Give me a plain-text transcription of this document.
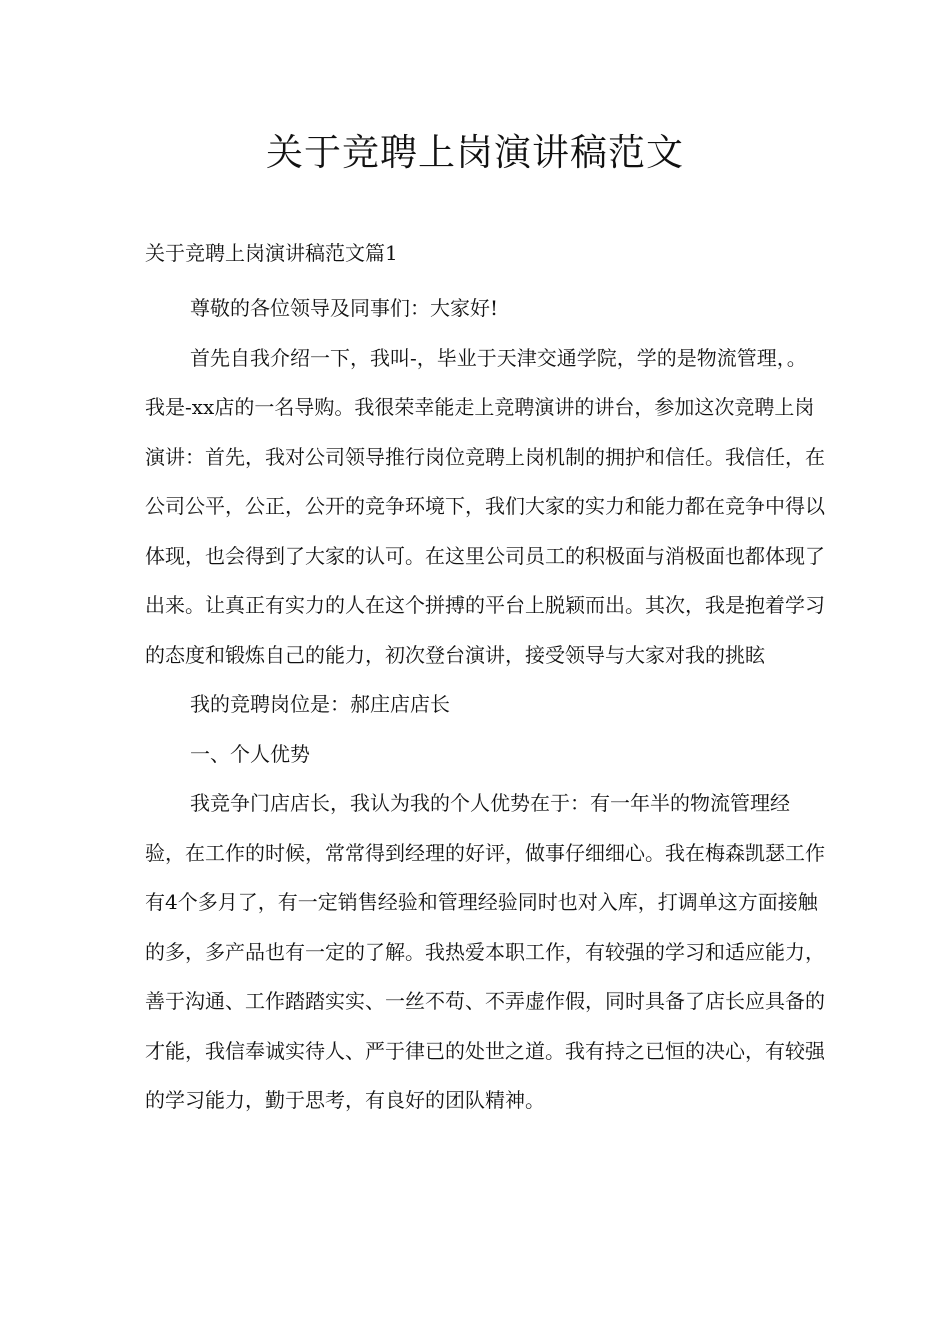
关于竞聘上岗演讲稿范文

关于竞聘上岗演讲稿范文篇1

尊敬的各位领导及同事们：大家好!

首先自我介绍一下，我叫-，毕业于天津交通学院，学的是物流管理，。我是-xx店的一名导购。我很荣幸能走上竞聘演讲的讲台，参加这次竞聘上岗演讲：首先，我对公司领导推行岗位竞聘上岗机制的拥护和信任。我信任，在公司公平，公正，公开的竞争环境下，我们大家的实力和能力都在竞争中得以体现，也会得到了大家的认可。在这里公司员工的积极面与消极面也都体现了出来。让真正有实力的人在这个拼搏的平台上脱颖而出。其次，我是抱着学习的态度和锻炼自己的能力，初次登台演讲，接受领导与大家对我的挑眩

我的竞聘岗位是：郝庄店店长

一、个人优势

我竞争门店店长，我认为我的个人优势在于：有一年半的物流管理经验，在工作的时候，常常得到经理的好评，做事仔细细心。我在梅森凯瑟工作有4个多月了，有一定销售经验和管理经验同时也对入库，打调单这方面接触的多，多产品也有一定的了解。我热爱本职工作，有较强的学习和适应能力，善于沟通、工作踏踏实实、一丝不苟、不弄虚作假，同时具备了店长应具备的才能，我信奉诚实待人、严于律已的处世之道。我有持之已恒的决心，有较强的学习能力，勤于思考，有良好的团队精神。
